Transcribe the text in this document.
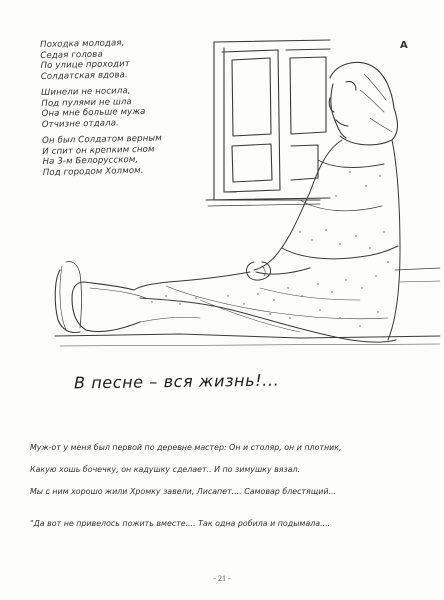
А
Походка молодая,
Седая голова
По улице проходит
Солдатская вдова.
Шинели не носила,
Под пулями не шла
Она мне больше мужа
Отчизне отдала.
Он был Солдатом верным
И спит он крепким сном
На 3-м Белорусском,
Под городом Холмом.
В песне – вся жизнь!...
Муж-от у меня был первой по деревне мастер: Он и столяр, он и плотник,
Какую хошь бочечку, он кадушку сделает.. И по зимушку вязал.
Мы с ним хорошо жили Хромку завели, Лисапет.... Самовар блестящий...
"Да вот не привелось пожить вместе.... Так одна робила и подымала....
- 21 -
